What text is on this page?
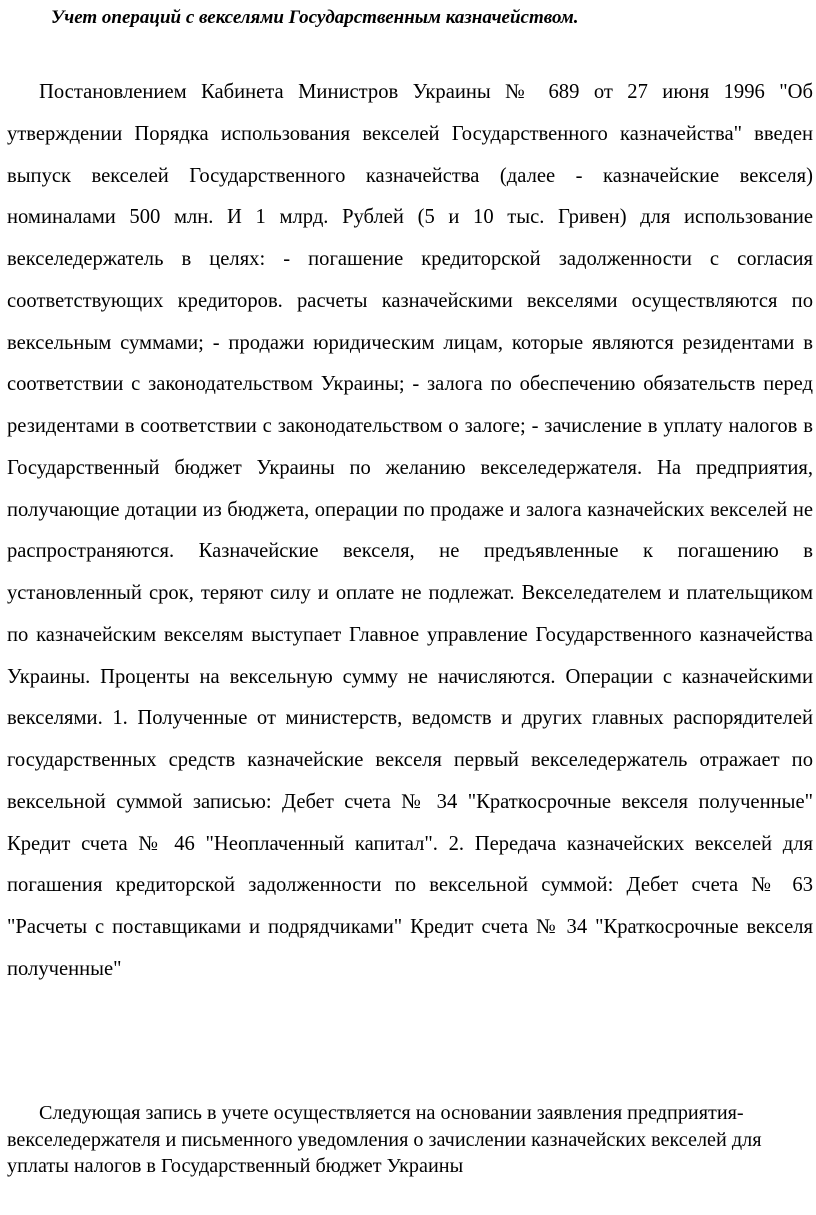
Учет операций с векселями Государственным казначейством.

Постановлением Кабинета Министров Украины № 689 от 27 июня 1996 "Об утверждении Порядка использования векселей Государственного казначейства" введен выпуск векселей Государственного казначейства (далее - казначейские векселя) номиналами 500 млн. И 1 млрд. Рублей (5 и 10 тыс. Гривен) для использование векселедержатель в целях: - погашение кредиторской задолженности с согласия соответствующих кредиторов. расчеты казначейскими векселями осуществляются по вексельным суммами; - продажи юридическим лицам, которые являются резидентами в соответствии с законодательством Украины; - залога по обеспечению обязательств перед резидентами в соответствии с законодательством о залоге; - зачисление в уплату налогов в Государственный бюджет Украины по желанию векселедержателя. На предприятия, получающие дотации из бюджета, операции по продаже и залога казначейских векселей не распространяются. Казначейские векселя, не предъявленные к погашению в установленный срок, теряют силу и оплате не подлежат. Векселедателем и плательщиком по казначейским векселям выступает Главное управление Государственного казначейства Украины. Проценты на вексельную сумму не начисляются. Операции с казначейскими векселями. 1. Полученные от министерств, ведомств и других главных распорядителей государственных средств казначейские векселя первый векселедержатель отражает по вексельной суммой записью: Дебет счета № 34 "Краткосрочные векселя полученные" Кредит счета № 46 "Неоплаченный капитал". 2. Передача казначейских векселей для погашения кредиторской задолженности по вексельной суммой: Дебет счета № 63 "Расчеты с поставщиками и подрядчиками" Кредит счета № 34 "Краткосрочные векселя полученные"

Следующая запись в учете осуществляется на основании заявления предприятия-векселедержателя и письменного уведомления о зачислении казначейских векселей для уплаты налогов в Государственный бюджет Украины
